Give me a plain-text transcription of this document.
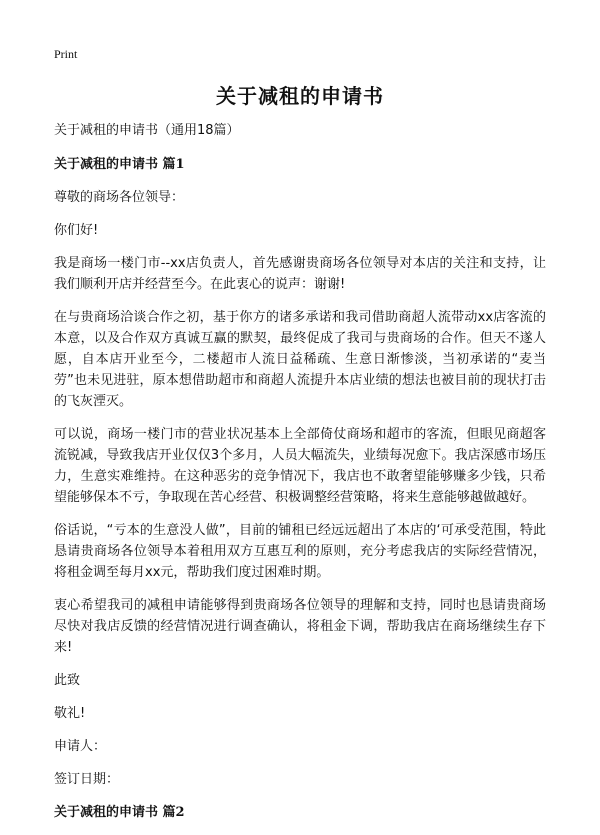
Print
关于减租的申请书

关于减租的申请书（通用18篇）

关于减租的申请书 篇1

尊敬的商场各位领导：

你们好!

我是商场一楼门市--xx店负责人，首先感谢贵商场各位领导对本店的关注和支持，让我们顺利开店并经营至今。在此衷心的说声：谢谢!

在与贵商场洽谈合作之初，基于你方的诸多承诺和我司借助商超人流带动xx店客流的本意，以及合作双方真诚互赢的默契，最终促成了我司与贵商场的合作。但天不遂人愿，自本店开业至今，二楼超市人流日益稀疏、生意日渐惨淡，当初承诺的“麦当劳”也未见进驻，原本想借助超市和商超人流提升本店业绩的想法也被目前的现状打击的飞灰湮灭。

可以说，商场一楼门市的营业状况基本上全部倚仗商场和超市的客流，但眼见商超客流锐减，导致我店开业仅仅3个多月，人员大幅流失，业绩每况愈下。我店深感市场压力，生意实难维持。在这种恶劣的竞争情况下，我店也不敢奢望能够赚多少钱，只希望能够保本不亏，争取现在苦心经营、积极调整经营策略，将来生意能够越做越好。

俗话说，“亏本的生意没人做”，目前的铺租已经远远超出了本店的‘可承受范围，特此恳请贵商场各位领导本着租用双方互惠互利的原则，充分考虑我店的实际经营情况，将租金调至每月xx元，帮助我们度过困难时期。

衷心希望我司的减租申请能够得到贵商场各位领导的理解和支持，同时也恳请贵商场尽快对我店反馈的经营情况进行调查确认，将租金下调，帮助我店在商场继续生存下来!

此致

敬礼!

申请人：

签订日期：

关于减租的申请书 篇2
